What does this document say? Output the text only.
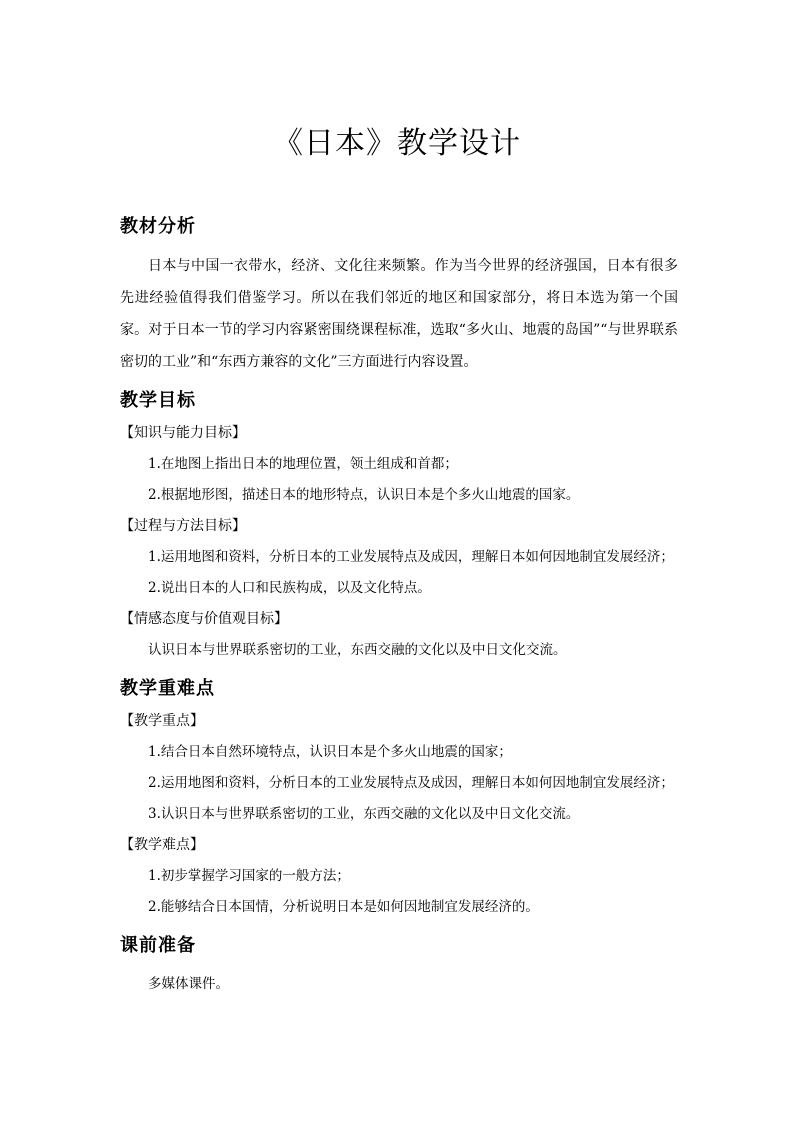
《日本》教学设计
教材分析

日本与中国一衣带水，经济、文化往来频繁。作为当今世界的经济强国，日本有很多先进经验值得我们借鉴学习。所以在我们邻近的地区和国家部分，将日本选为第一个国家。对于日本一节的学习内容紧密围绕课程标准，选取“多火山、地震的岛国”“与世界联系密切的工业”和“东西方兼容的文化”三方面进行内容设置。

教学目标

【知识与能力目标】

1.在地图上指出日本的地理位置，领土组成和首都；

2.根据地形图，描述日本的地形特点，认识日本是个多火山地震的国家。

【过程与方法目标】

1.运用地图和资料，分析日本的工业发展特点及成因，理解日本如何因地制宜发展经济；

2.说出日本的人口和民族构成，以及文化特点。

【情感态度与价值观目标】

认识日本与世界联系密切的工业，东西交融的文化以及中日文化交流。

教学重难点

【教学重点】

1.结合日本自然环境特点，认识日本是个多火山地震的国家；

2.运用地图和资料，分析日本的工业发展特点及成因，理解日本如何因地制宜发展经济；

3.认识日本与世界联系密切的工业，东西交融的文化以及中日文化交流。

【教学难点】

1.初步掌握学习国家的一般方法；

2.能够结合日本国情，分析说明日本是如何因地制宜发展经济的。

课前准备

多媒体课件。
